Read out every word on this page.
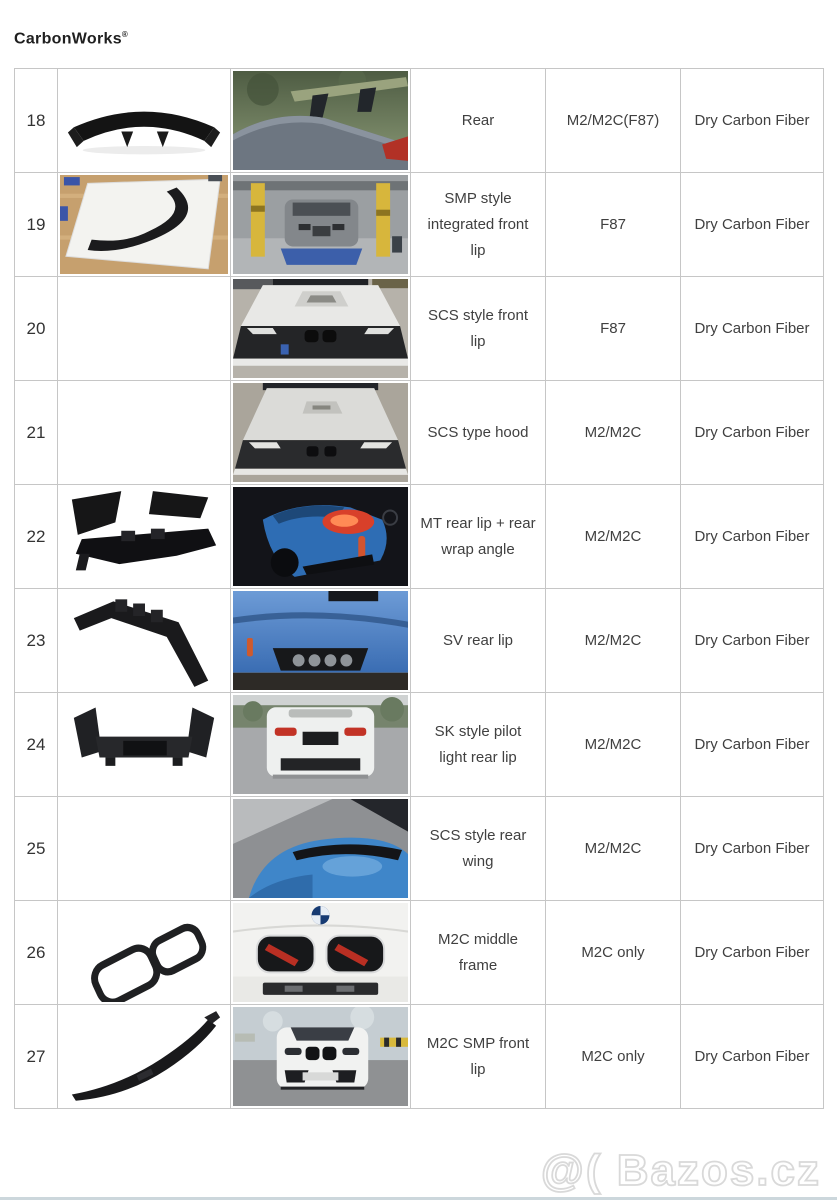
CarbonWorks®
18			Rear	M2/M2C(F87)	Dry Carbon Fiber
19			SMP style integrated front lip	F87	Dry Carbon Fiber
20			SCS style front lip	F87	Dry Carbon Fiber
21			SCS type hood	M2/M2C	Dry Carbon Fiber
22			MT rear lip + rear wrap angle	M2/M2C	Dry Carbon Fiber
23			SV rear lip	M2/M2C	Dry Carbon Fiber
24			SK style pilot light rear lip	M2/M2C	Dry Carbon Fiber
25			SCS style rear wing	M2/M2C	Dry Carbon Fiber
26			M2C middle frame	M2C only	Dry Carbon Fiber
27			M2C SMP front lip	M2C only	Dry Carbon Fiber
@( Bazos.cz
